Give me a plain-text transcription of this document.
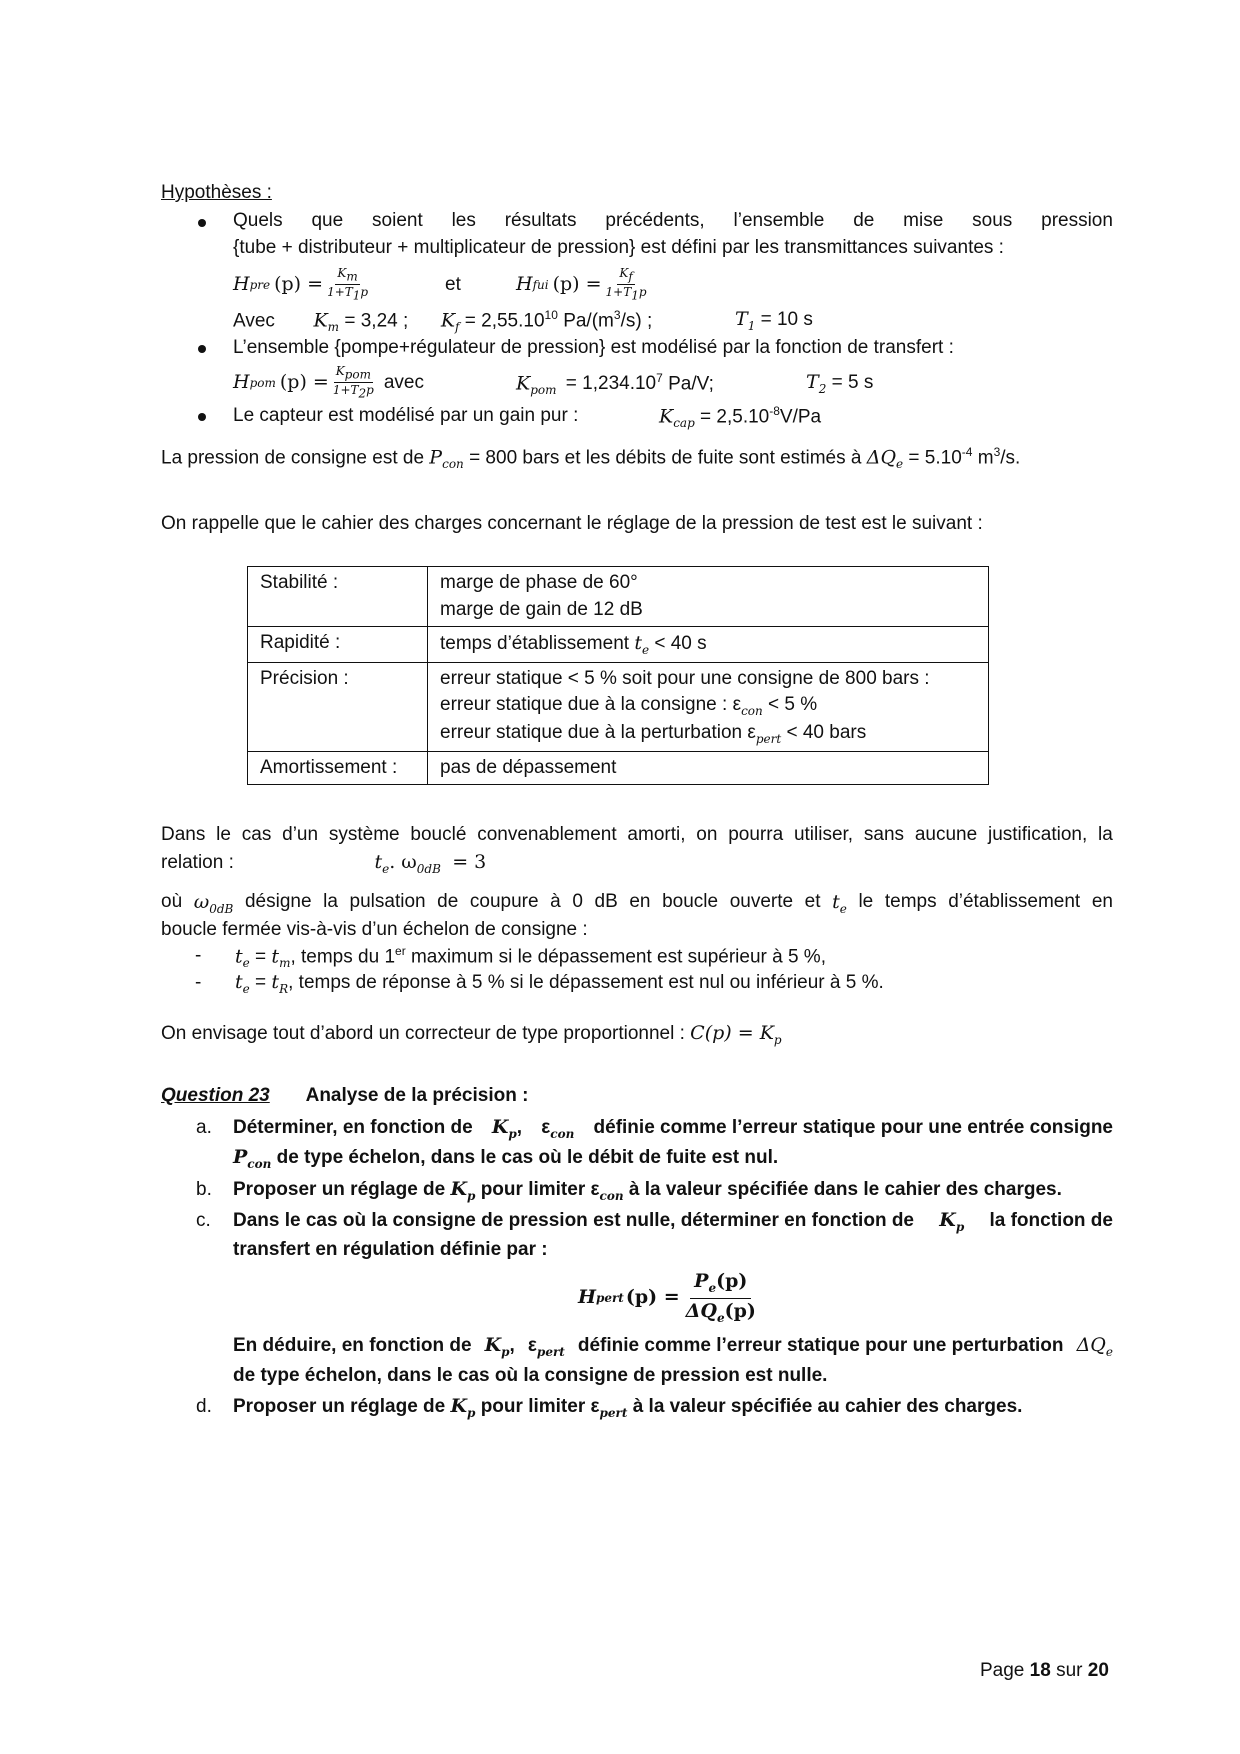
Hypothèses :
Quels que soient les résultats précédents, l’ensemble de mise sous pression
{tube + distributeur + multiplicateur de pression} est défini par les transmittances suivantes :
H pre $(p) = \frac{K_m}{1+T_1p}$	et	H fui $(p) = \frac{K_f}{1+T_1p}$
Avec $K_m = 3,24$ ; $K_f = 2,55.10^{10}$ $Pa/(m^3/s)$ ;	$T_1 = 10$ s
L’ensemble {pompe+régulateur de pression} est modélisé par la fonction de transfert :
H pom $(p) = \frac{K_{pom}}{1+T_2p}$ avec	$K_{pom} = 1,234.10^7$ Pa/V;	$T_2 = 5$ s
Le capteur est modélisé par un gain pur :	$K_{cap} = 2,5.10^{-8}V/Pa$
La pression de consigne est de $P_{con} = 800$ bars et les débits de fuite sont estimés à $\Delta Q_e = 5.10^{-4}$ $m^3/s$.
On rappelle que le cahier des charges concernant le réglage de la pression de test est le suivant :
Stabilité :	marge de phase de 60°
marge de gain de 12 dB

Rapidité :	temps d’établissement $t_e < 40$ s
Précision :	erreur statique < 5 % soit pour une consigne de 800 bars :
erreur statique due à la consigne : $\varepsilon_{con} < 5$ %
erreur statique due à la perturbation $\varepsilon_{pert} < 40$ bars

Amortissement :	pas de dépassement
Dans le cas d’un système bouclé convenablement amorti, on pourra utiliser, sans aucune justification, la
relation :	$t_e$. $\omega_{0dB} = 3$
où $\omega_{0dB}$ désigne la pulsation de coupure à 0 dB en boucle ouverte et $t_e$ le temps d’établissement en
boucle fermée vis-à-vis d’un échelon de consigne :
- $t_e = t_m$, temps du 1er maximum si le dépassement est supérieur à 5 %,
- $t_e = t_R$, temps de réponse à 5 % si le dépassement est nul ou inférieur à 5 %.
On envisage tout d’abord un correcteur de type proportionnel : $C(p) = K_p$
Question 23 Analyse de la précision :
a. Déterminer, en fonction de $K_p$, $\varepsilon_{con}$ définie comme l’erreur statique pour une entrée consigne
$P_{con}$ de type échelon, dans le cas où le débit de fuite est nul.
b. Proposer un réglage de $K_p$ pour limiter $\varepsilon_{con}$ à la valeur spécifiée dans le cahier des charges.
c. Dans le cas où la consigne de pression est nulle, déterminer en fonction de $K_p$ la fonction de
transfert en régulation définie par :
H pert $(p) = \frac{P_e(p)}{\Delta Q_e(p)}$
En déduire, en fonction de $K_p$, $\varepsilon_{pert}$ définie comme l’erreur statique pour une perturbation $\Delta Q_e$
de type échelon, dans le cas où la consigne de pression est nulle.
d. Proposer un réglage de $K_p$ pour limiter $\varepsilon_{pert}$ à la valeur spécifiée au cahier des charges.
Page 18 sur 20
